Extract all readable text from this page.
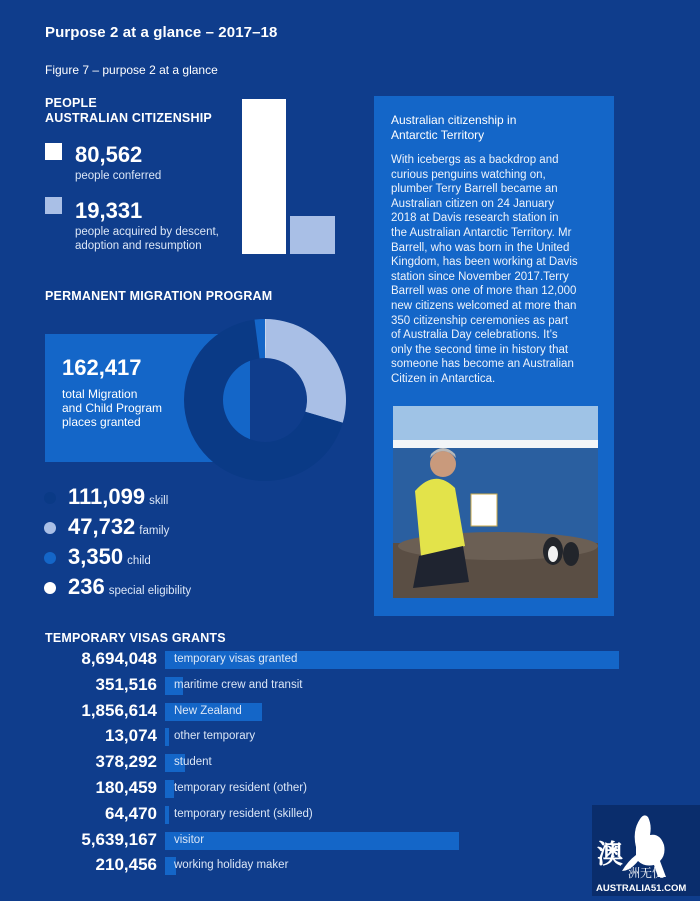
Purpose 2 at a glance – 2017–18
Figure 7 – purpose 2 at a glance
PEOPLE
AUSTRALIAN CITIZENSHIP
80,562
people conferred
19,331
people acquired by descent,
adoption and resumption
PERMANENT MIGRATION PROGRAM
162,417
total Migration
and Child Program
places granted
111,099 skill
47,732 family
3,350 child
236 special eligibility
Australian citizenship in
Antarctic Territory
With icebergs as a backdrop and
curious penguins watching on,
plumber Terry Barrell became an
Australian citizen on 24 January
2018 at Davis research station in
the Australian Antarctic Territory. Mr
Barrell, who was born in the United
Kingdom, has been working at Davis
station since November 2017.Terry
Barrell was one of more than 12,000
new citizens welcomed at more than
350 citizenship ceremonies as part
of Australia Day celebrations. It’s
only the second time in history that
someone has become an Australian
Citizen in Antarctica.
TEMPORARY VISAS GRANTS
8,694,048 temporary visas granted
351,516 maritime crew and transit
1,856,614 New Zealand
13,074 other temporary
378,292 student
180,459 temporary resident (other)
64,470 temporary resident (skilled)
5,639,167 visitor
210,456 working holiday maker	澳
洲无忧
AUSTRALIA51.COM
